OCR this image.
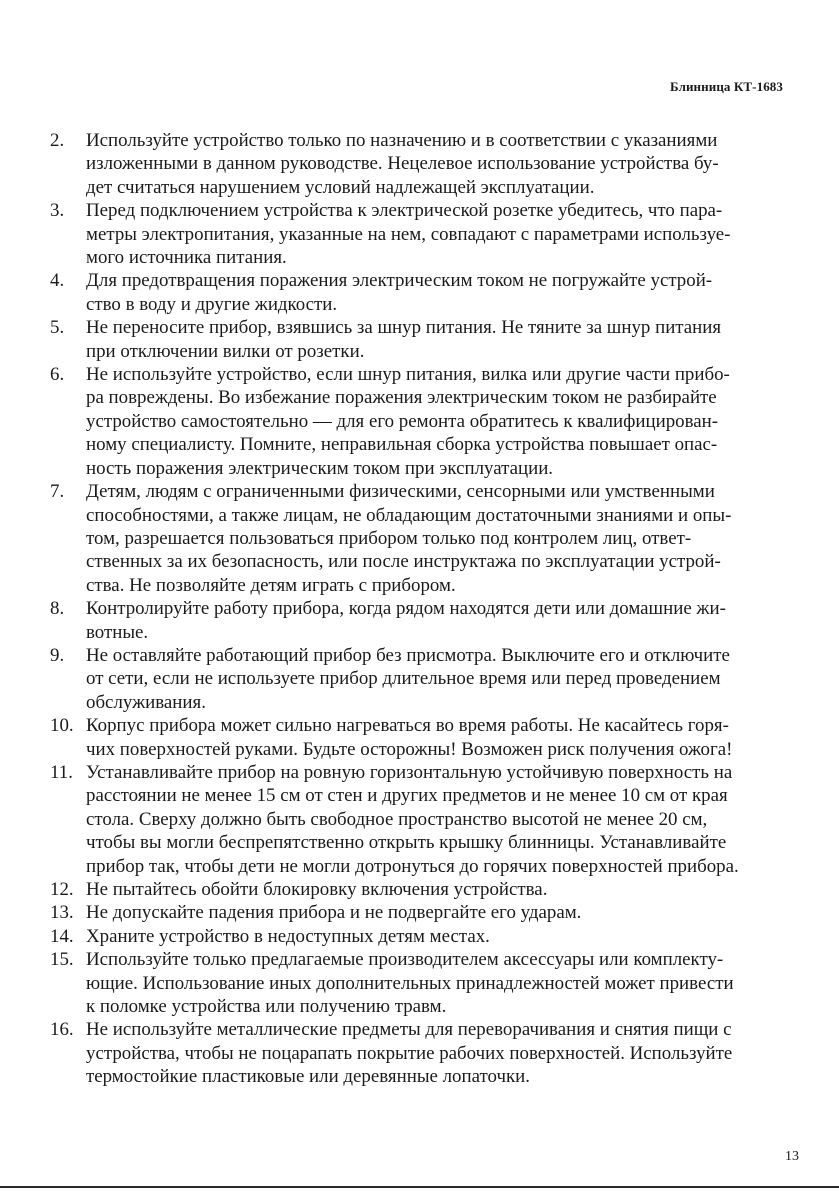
Блинница КТ-1683
2.	Используйте устройство только по назначению и в соответствии с указаниями
изложенными в данном руководстве. Нецелевое использование устройства бу-
дет считаться нарушением условий надлежащей эксплуатации.
3.	Перед подключением устройства к электрической розетке убедитесь, что пара-
метры электропитания, указанные на нем, совпадают с параметрами используе-
мого источника питания.
4.	Для предотвращения поражения электрическим током не погружайте устрой-
ство в воду и другие жидкости.
5.	Не переносите прибор, взявшись за шнур питания. Не тяните за шнур питания
при отключении вилки от розетки.
6.	Не используйте устройство, если шнур питания, вилка или другие части прибо-
ра повреждены. Во избежание поражения электрическим током не разбирайте
устройство самостоятельно — для его ремонта обратитесь к квалифицирован-
ному специалисту. Помните, неправильная сборка устройства повышает опас-
ность поражения электрическим током при эксплуатации.
7.	Детям, людям с ограниченными физическими, сенсорными или умственными
способностями, а также лицам, не обладающим достаточными знаниями и опы-
том, разрешается пользоваться прибором только под контролем лиц, ответ-
ственных за их безопасность, или после инструктажа по эксплуатации устрой-
ства. Не позволяйте детям играть с прибором.
8.	Контролируйте работу прибора, когда рядом находятся дети или домашние жи-
вотные.
9.	Не оставляйте работающий прибор без присмотра. Выключите его и отключите
от сети, если не используете прибор длительное время или перед проведением
обслуживания.
10. Корпус прибора может сильно нагреваться во время работы. Не касайтесь горя-
чих поверхностей руками. Будьте осторожны! Возможен риск получения ожога!
11. Устанавливайте прибор на ровную горизонтальную устойчивую поверхность на
расстоянии не менее 15 см от стен и других предметов и не менее 10 см от края
стола. Сверху должно быть свободное пространство высотой не менее 20 см,
чтобы вы могли беспрепятственно открыть крышку блинницы. Устанавливайте
прибор так, чтобы дети не могли дотронуться до горячих поверхностей прибора.
12. Не пытайтесь обойти блокировку включения устройства.
13. Не допускайте падения прибора и не подвергайте его ударам.
14. Храните устройство в недоступных детям местах.
15. Используйте только предлагаемые производителем аксессуары или комплекту-
ющие. Использование иных дополнительных принадлежностей может привести
к поломке устройства или получению травм.
16. Не используйте металлические предметы для переворачивания и снятия пищи с
устройства, чтобы не поцарапать покрытие рабочих поверхностей. Используйте
термостойкие пластиковые или деревянные лопаточки.
13
